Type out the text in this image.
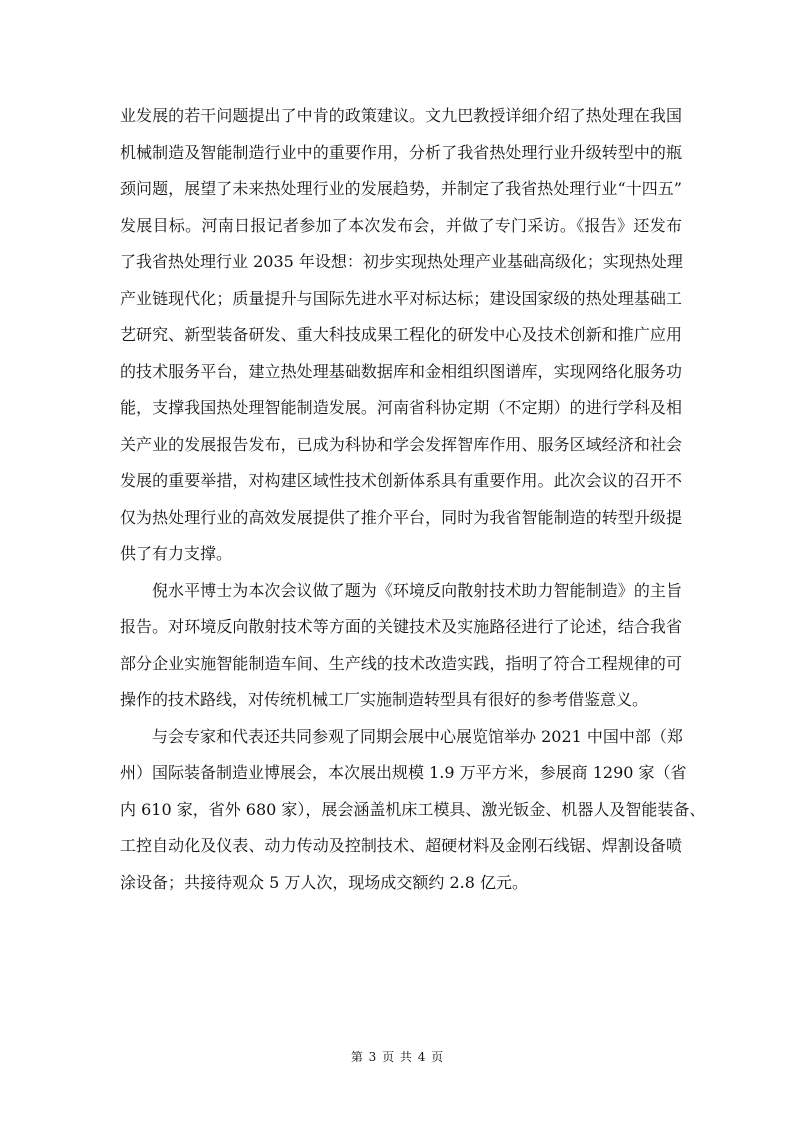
业发展的若干问题提出了中肯的政策建议。文九巴教授详细介绍了热处理在我国
机械制造及智能制造行业中的重要作用，分析了我省热处理行业升级转型中的瓶
颈问题，展望了未来热处理行业的发展趋势，并制定了我省热处理行业“十四五”
发展目标。河南日报记者参加了本次发布会，并做了专门采访。《报告》还发布
了我省热处理行业 2035 年设想：初步实现热处理产业基础高级化；实现热处理
产业链现代化；质量提升与国际先进水平对标达标；建设国家级的热处理基础工
艺研究、新型装备研发、重大科技成果工程化的研发中心及技术创新和推广应用
的技术服务平台，建立热处理基础数据库和金相组织图谱库，实现网络化服务功
能，支撑我国热处理智能制造发展。河南省科协定期（不定期）的进行学科及相
关产业的发展报告发布，已成为科协和学会发挥智库作用、服务区域经济和社会
发展的重要举措，对构建区域性技术创新体系具有重要作用。此次会议的召开不
仅为热处理行业的高效发展提供了推介平台，同时为我省智能制造的转型升级提
供了有力支撑。
倪水平博士为本次会议做了题为《环境反向散射技术助力智能制造》的主旨
报告。对环境反向散射技术等方面的关键技术及实施路径进行了论述，结合我省
部分企业实施智能制造车间、生产线的技术改造实践，指明了符合工程规律的可
操作的技术路线，对传统机械工厂实施制造转型具有很好的参考借鉴意义。
与会专家和代表还共同参观了同期会展中心展览馆举办 2021 中国中部（郑
州）国际装备制造业博展会，本次展出规模 1.9 万平方米，参展商 1290 家（省
内 610 家，省外 680 家），展会涵盖机床工模具、激光钣金、机器人及智能装备、
工控自动化及仪表、动力传动及控制技术、超硬材料及金刚石线锯、焊割设备喷
涂设备；共接待观众 5 万人次，现场成交额约 2.8 亿元。
第 3 页 共 4 页
